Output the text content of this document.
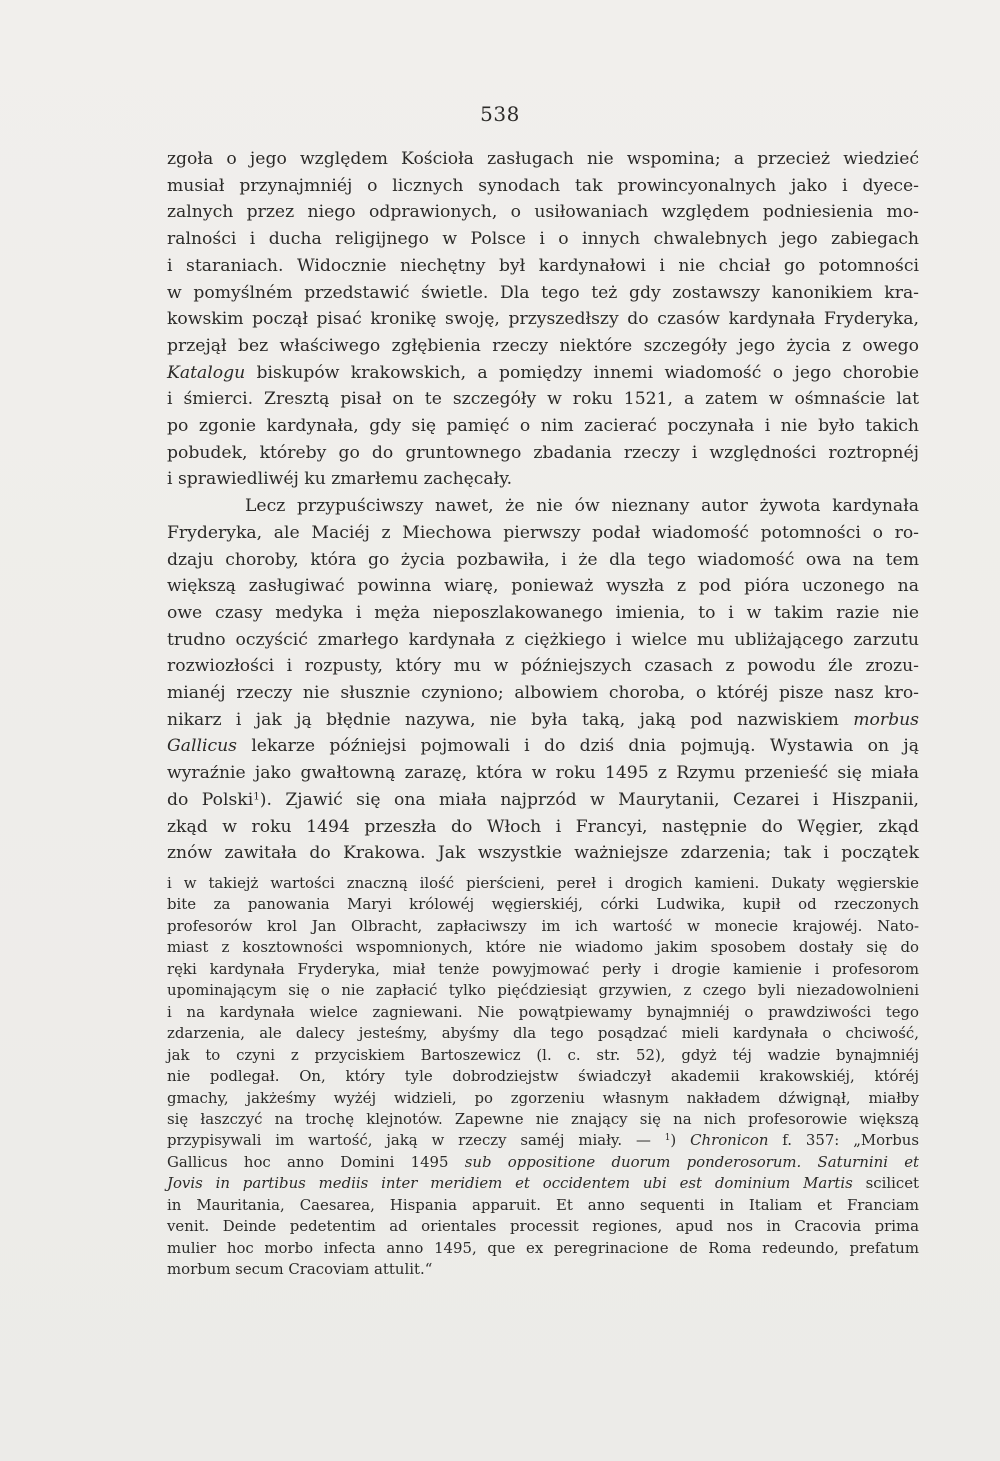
538
zgoła o jego względem Kościoła zasługach nie wspomina; a przecież wiedzieć
musiał przynajmniéj o licznych synodach tak prowincyonalnych jako i dyece-
zalnych przez niego odprawionych, o usiłowaniach względem podniesienia mo-
ralności i ducha religijnego w Polsce i o innych chwalebnych jego zabiegach
i staraniach. Widocznie niechętny był kardynałowi i nie chciał go potomności
w pomyślném przedstawić świetle. Dla tego też gdy zostawszy kanonikiem kra-
kowskim począł pisać kronikę swoję, przyszedłszy do czasów kardynała Fryderyka,
przejął bez właściwego zgłębienia rzeczy niektóre szczegóły jego życia z owego
Katalogu biskupów krakowskich, a pomiędzy innemi wiadomość o jego chorobie
i śmierci. Zresztą pisał on te szczegóły w roku 1521, a zatem w ośmnaście lat
po zgonie kardynała, gdy się pamięć o nim zacierać poczynała i nie było takich
pobudek, któreby go do gruntownego zbadania rzeczy i względności roztropnéj
i sprawiedliwéj ku zmarłemu zachęcały.
Lecz przypuściwszy nawet, że nie ów nieznany autor żywota kardynała
Fryderyka, ale Maciéj z Miechowa pierwszy podał wiadomość potomności o ro-
dzaju choroby, która go życia pozbawiła, i że dla tego wiadomość owa na tem
większą zasługiwać powinna wiarę, ponieważ wyszła z pod pióra uczonego na
owe czasy medyka i męża nieposzlakowanego imienia, to i w takim razie nie
trudno oczyścić zmarłego kardynała z ciężkiego i wielce mu ubliżającego zarzutu
rozwiozłości i rozpusty, który mu w późniejszych czasach z powodu źle zrozu-
mianéj rzeczy nie słusznie czyniono; albowiem choroba, o któréj pisze nasz kro-
nikarz i jak ją błędnie nazywa, nie była taką, jaką pod nazwiskiem morbus
Gallicus lekarze późniejsi pojmowali i do dziś dnia pojmują. Wystawia on ją
wyraźnie jako gwałtowną zarazę, która w roku 1495 z Rzymu przenieść się miała
do Polski$^1$). Zjawić się ona miała najprzód w Maurytanii, Cezarei i Hiszpanii,
zkąd w roku 1494 przeszła do Włoch i Francyi, następnie do Węgier, zkąd
znów zawitała do Krakowa. Jak wszystkie ważniejsze zdarzenia; tak i początek
i w takiejż wartości znaczną ilość pierścieni, pereł i drogich kamieni. Dukaty węgierskie
bite za panowania Maryi królowéj węgierskiéj, córki Ludwika, kupił od rzeczonych
profesorów krol Jan Olbracht, zapłaciwszy im ich wartość w monecie krajowéj. Nato-
miast z kosztowności wspomnionych, które nie wiadomo jakim sposobem dostały się do
ręki kardynała Fryderyka, miał tenże powyjmować perły i drogie kamienie i profesorom
upominającym się o nie zapłacić tylko pięćdziesiąt grzywien, z czego byli niezadowolnieni
i na kardynała wielce zagniewani. Nie powątpiewamy bynajmniéj o prawdziwości tego
zdarzenia, ale dalecy jesteśmy, abyśmy dla tego posądzać mieli kardynała o chciwość,
jak to czyni z przyciskiem Bartoszewicz (l. c. str. 52), gdyż téj wadzie bynajmniéj
nie podlegał. On, który tyle dobrodziejstw świadczył akademii krakowskiéj, któréj
gmachy, jakżeśmy wyżéj widzieli, po zgorzeniu własnym nakładem dźwignął, miałby
się łaszczyć na trochę klejnotów. Zapewne nie znający się na nich profesorowie większą
przypisywali im wartość, jaką w rzeczy saméj miały. — $^1$) Chronicon f. 357: „Morbus
Gallicus hoc anno Domini 1495 sub oppositione duorum ponderosorum. Saturnini et
Jovis in partibus mediis inter meridiem et occidentem ubi est dominium Martis scilicet
in Mauritania, Caesarea, Hispania apparuit. Et anno sequenti in Italiam et Franciam
venit. Deinde pedetentim ad orientales processit regiones, apud nos in Cracovia prima
mulier hoc morbo infecta anno 1495, que ex peregrinacione de Roma redeundo, prefatum
morbum secum Cracoviam attulit.“
